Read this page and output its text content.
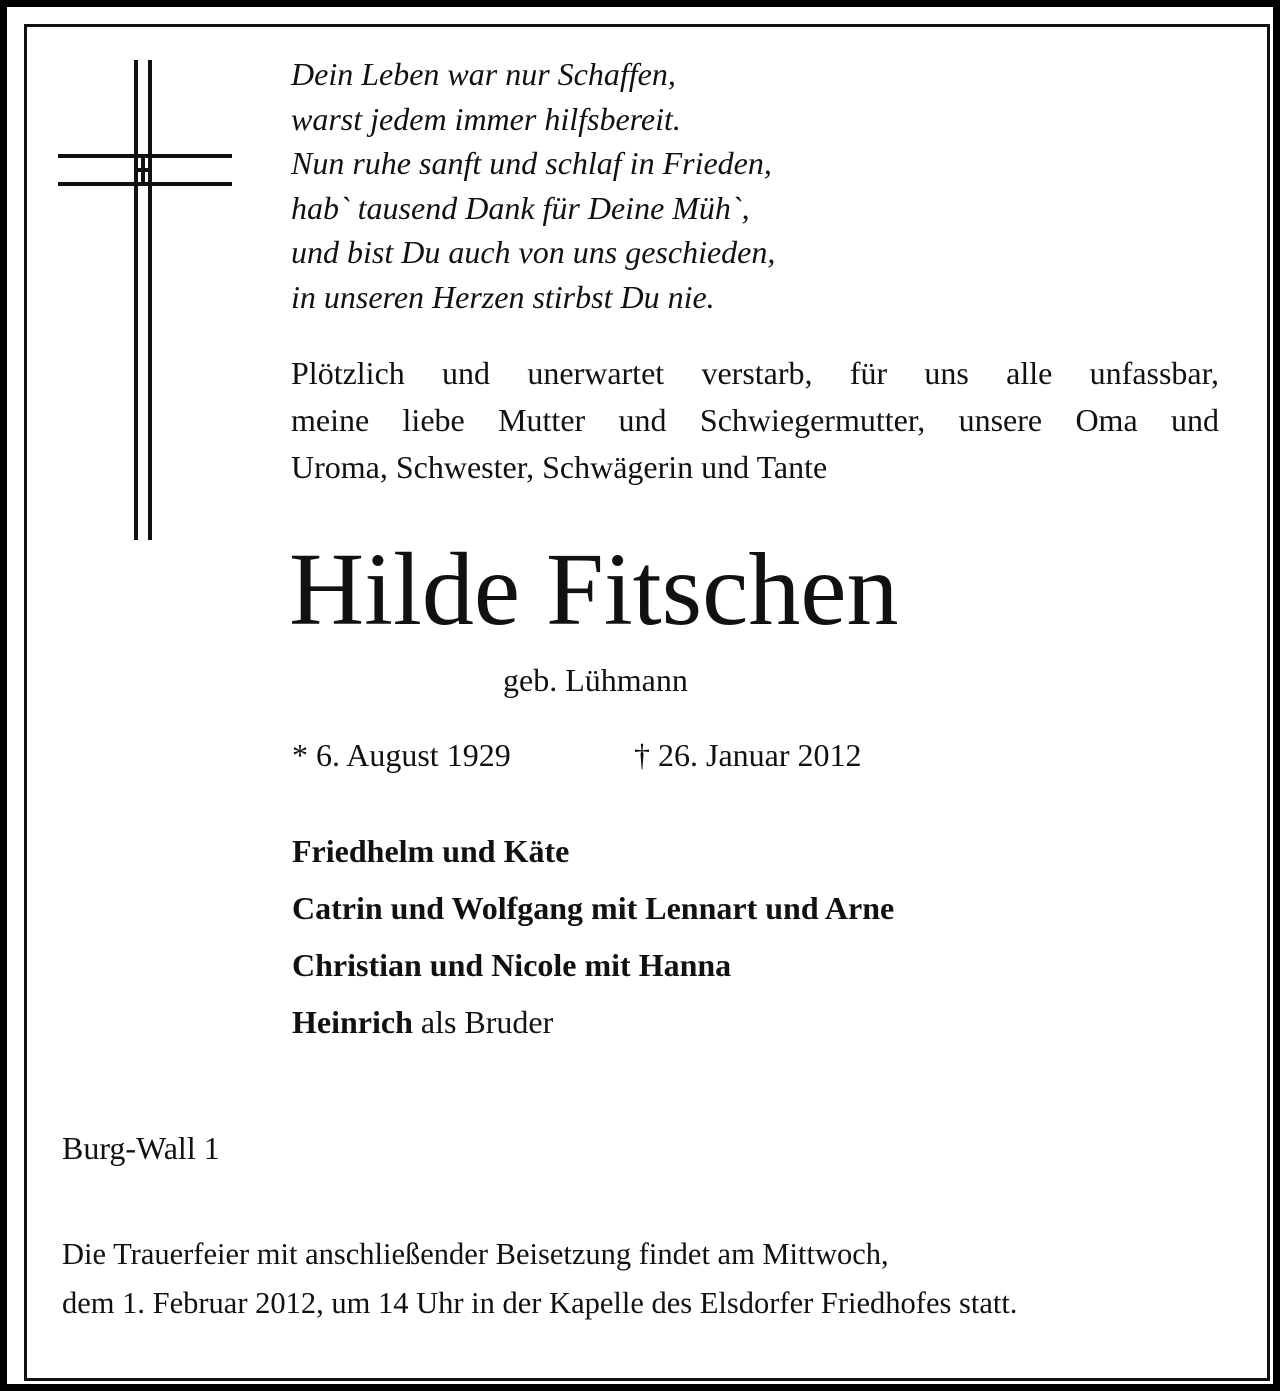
Dein Leben war nur Schaffen,
warst jedem immer hilfsbereit.
Nun ruhe sanft und schlaf in Frieden,
hab` tausend Dank für Deine Müh`,
und bist Du auch von uns geschieden,
in unseren Herzen stirbst Du nie.
Plötzlich und unerwartet verstarb, für uns alle unfassbar,
meine liebe Mutter und Schwiegermutter, unsere Oma und
Uroma, Schwester, Schwägerin und Tante
Hilde Fitschen
geb. Lühmann
* 6. August 1929	† 26. Januar 2012
Friedhelm und Käte
Catrin und Wolfgang mit Lennart und Arne
Christian und Nicole mit Hanna
Heinrich als Bruder
Burg-Wall 1
Die Trauerfeier mit anschließender Beisetzung findet am Mittwoch,
dem 1. Februar 2012, um 14 Uhr in der Kapelle des Elsdorfer Friedhofes statt.
